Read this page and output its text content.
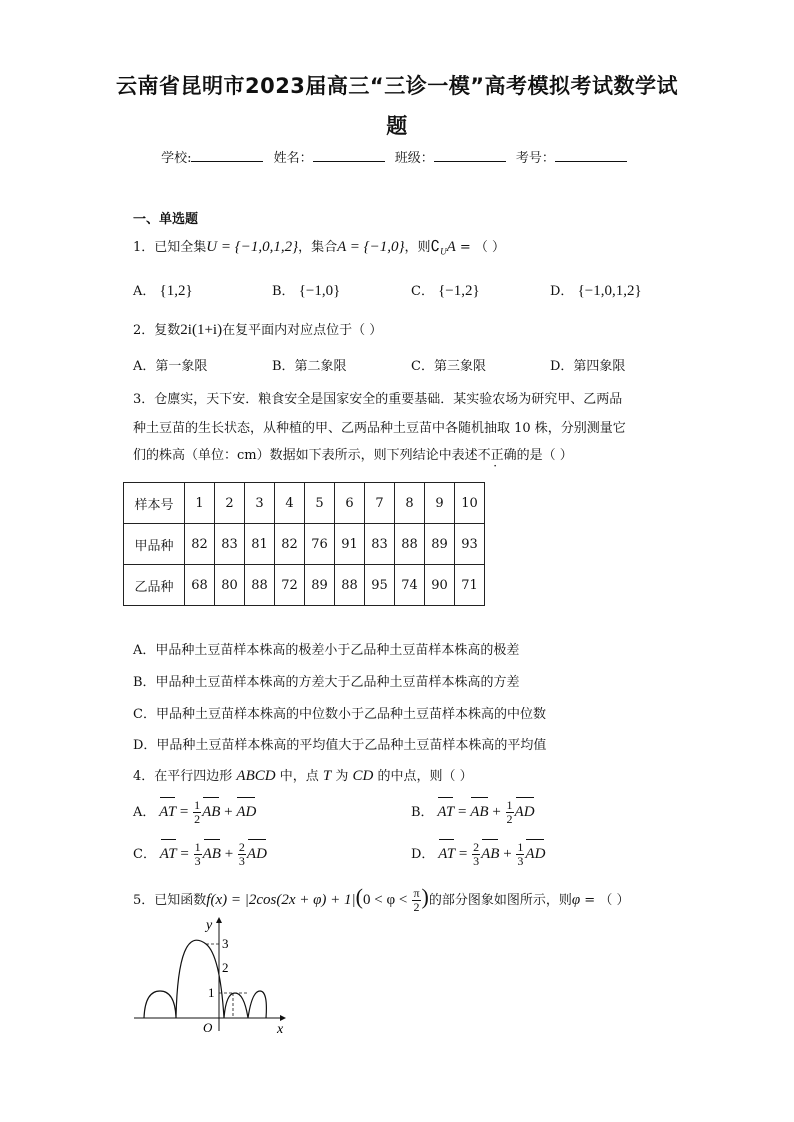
云南省昆明市2023届高三“三诊一模”高考模拟考试数学试
题
学校:	姓名：	班级：	考号：
一、单选题
1．已知全集U = {−1,0,1,2}，集合A = {−1,0}，则$∁_UA$ = （ ）
A． {1,2}	B． {−1,0}	C． {−1,2}	D． {−1,0,1,2}
2．复数2i(1+i)在复平面内对应点位于（ ）
A．第一象限	B．第二象限	C．第三象限	D．第四象限
3．仓廪实，天下安．粮食安全是国家安全的重要基础．某实验农场为研究甲、乙两品
种土豆苗的生长状态，从种植的甲、乙两品种土豆苗中各随机抽取 10 株，分别测量它
们的株高（单位：cm）数据如下表所示，则下列结论中表述不正确的是（ ）
样本号	1	2	3	4	5	6	7	8	9	10
甲品种	82	83	81	82	76	91	83	88	89	93
乙品种	68	80	88	72	89	88	95	74	90	71
A．甲品种土豆苗样本株高的极差小于乙品种土豆苗样本株高的极差
B．甲品种土豆苗样本株高的方差大于乙品种土豆苗样本株高的方差
C．甲品种土豆苗样本株高的中位数小于乙品种土豆苗样本株高的中位数
D．甲品种土豆苗样本株高的平均值大于乙品种土豆苗样本株高的平均值
4．在平行四边形 ABCD 中，点 T 为 CD 的中点，则（ ）
A． AT = $\frac{1}{2}$ AB + AD	B． AT = AB + $\frac{1}{2}$ AD
C． AT = $\frac{1}{3}$ AB + $\frac{2}{3}$ AD	D． AT = $\frac{2}{3}$ AB + $\frac{1}{3}$ AD
5．已知函数$f(x) = |2\cos(2x + \varphi) + 1|(0 < \varphi < \frac{\pi}{2}$ )的部分图象如图所示，则φ = （ ）
y
x
O
3
2
1
